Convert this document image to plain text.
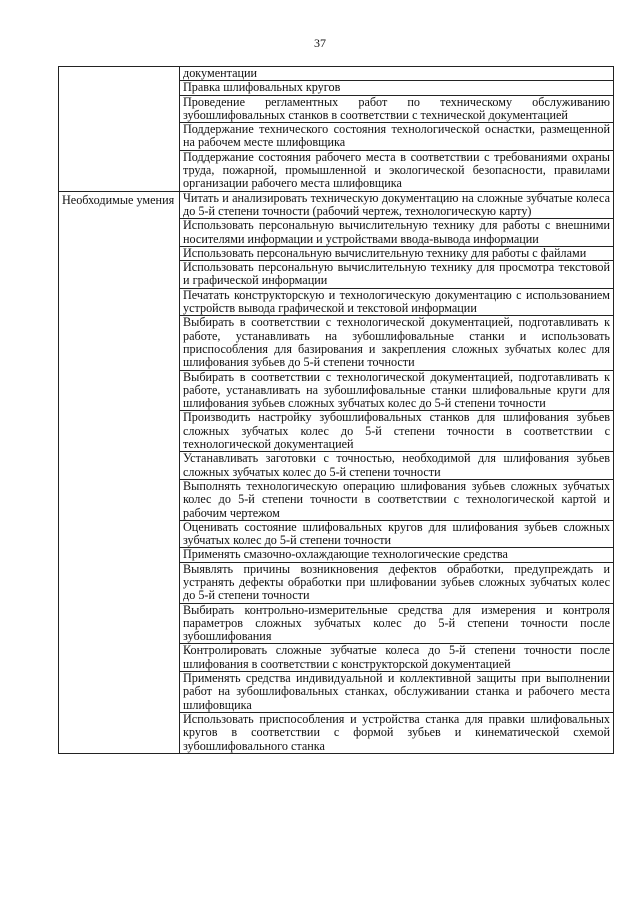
37
	документации
	Правка шлифовальных кругов
	Проведение регламентных работ по техническому обслуживанию зубошлифовальных станков в соответствии с технической документацией
	Поддержание технического состояния технологической оснастки, размещенной на рабочем месте шлифовщика
	Поддержание состояния рабочего места в соответствии с требованиями охраны труда, пожарной, промышленной и экологической безопасности, правилами организации рабочего места шлифовщика

Необходимые умения	Читать и анализировать техническую документацию на сложные зубчатые колеса до 5-й степени точности (рабочий чертеж, технологическую карту)
	Использовать персональную вычислительную технику для работы с внешними носителями информации и устройствами ввода-вывода информации
	Использовать персональную вычислительную технику для работы с файлами
	Использовать персональную вычислительную технику для просмотра текстовой и графической информации
	Печатать конструкторскую и технологическую документацию с использованием устройств вывода графической и текстовой информации
	Выбирать в соответствии с технологической документацией, подготавливать к работе, устанавливать на зубошлифовальные станки и использовать приспособления для базирования и закрепления сложных зубчатых колес для шлифования зубьев до 5-й степени точности
	Выбирать в соответствии с технологической документацией, подготавливать к работе, устанавливать на зубошлифовальные станки шлифовальные круги для шлифования зубьев сложных зубчатых колес до 5-й степени точности
	Производить настройку зубошлифовальных станков для шлифования зубьев сложных зубчатых колес до 5-й степени точности в соответствии с технологической документацией
	Устанавливать заготовки с точностью, необходимой для шлифования зубьев сложных зубчатых колес до 5-й степени точности
	Выполнять технологическую операцию шлифования зубьев сложных зубчатых колес до 5-й степени точности в соответствии с технологической картой и рабочим чертежом
	Оценивать состояние шлифовальных кругов для шлифования зубьев сложных зубчатых колес до 5-й степени точности
	Применять смазочно-охлаждающие технологические средства
	Выявлять причины возникновения дефектов обработки, предупреждать и устранять дефекты обработки при шлифовании зубьев сложных зубчатых колес до 5-й степени точности
	Выбирать контрольно-измерительные средства для измерения и контроля параметров сложных зубчатых колес до 5-й степени точности после зубошлифования
	Контролировать сложные зубчатые колеса до 5-й степени точности после шлифования в соответствии с конструкторской документацией
	Применять средства индивидуальной и коллективной защиты при выполнении работ на зубошлифовальных станках, обслуживании станка и рабочего места шлифовщика
	Использовать приспособления и устройства станка для правки шлифовальных кругов в соответствии с формой зубьев и кинематической схемой зубошлифовального станка
